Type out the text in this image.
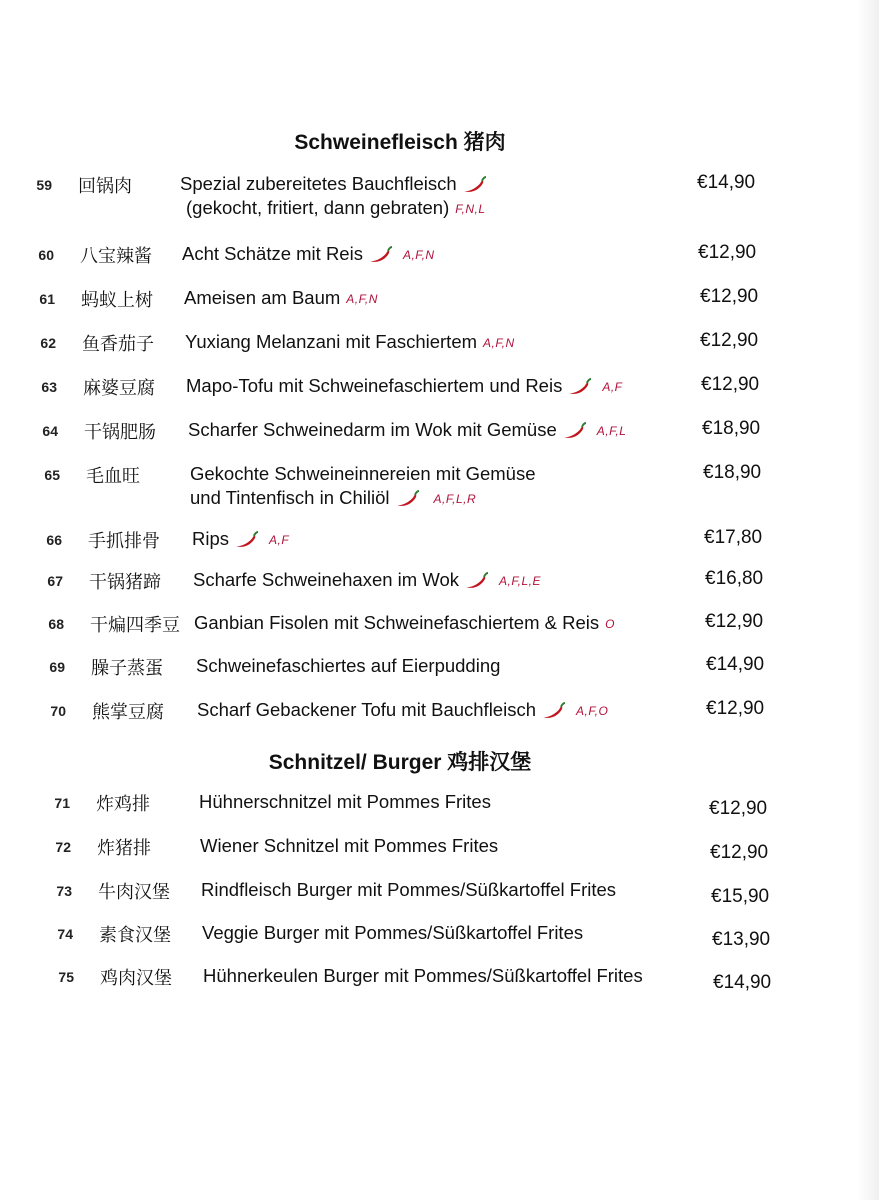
Schweinefleisch 猪肉
59 回锅肉	Spezial zubereitetes Bauchfleisch
(gekocht, fritiert, dann gebraten) F,N,L
€14,90
60 八宝辣酱 Acht Schätze mit Reis	A,F,N	€12,90
61 蚂蚁上树 Ameisen am Baum A,F,N	€12,90
62 鱼香茄子 Yuxiang Melanzani mit Faschiertem A,F,N	€12,90
63 麻婆豆腐 Mapo-Tofu mit Schweinefaschiertem und Reis	A,F	€12,90
64 干锅肥肠 Scharfer Schweinedarm im Wok mit Gemüse	A,F,L	€18,90
65 毛血旺	Gekochte Schweineinnereien mit Gemüse
und Tintenfisch in Chiliöl	A,F,L,R
€18,90
66 手抓排骨 Rips	A,F	€17,80
67 干锅猪蹄 Scharfe Schweinehaxen im Wok	A,F,L,E	€16,80
68 干煸四季豆 Ganbian Fisolen mit Schweinefaschiertem & Reis O	€12,90
69 臊子蒸蛋 Schweinefaschiertes auf Eierpudding	€14,90
70 熊掌豆腐 Scharf Gebackener Tofu mit Bauchfleisch	A,F,O	€12,90
Schnitzel/ Burger 鸡排汉堡
71 炸鸡排	Hühnerschnitzel mit Pommes Frites	€12,90
72 炸猪排	Wiener Schnitzel mit Pommes Frites	€12,90
73 牛肉汉堡 Rindfleisch Burger mit Pommes/Süßkartoffel Frites	€15,90
74 素食汉堡 Veggie Burger mit Pommes/Süßkartoffel Frites	€13,90
75 鸡肉汉堡 Hühnerkeulen Burger mit Pommes/Süßkartoffel Frites	€14,90
